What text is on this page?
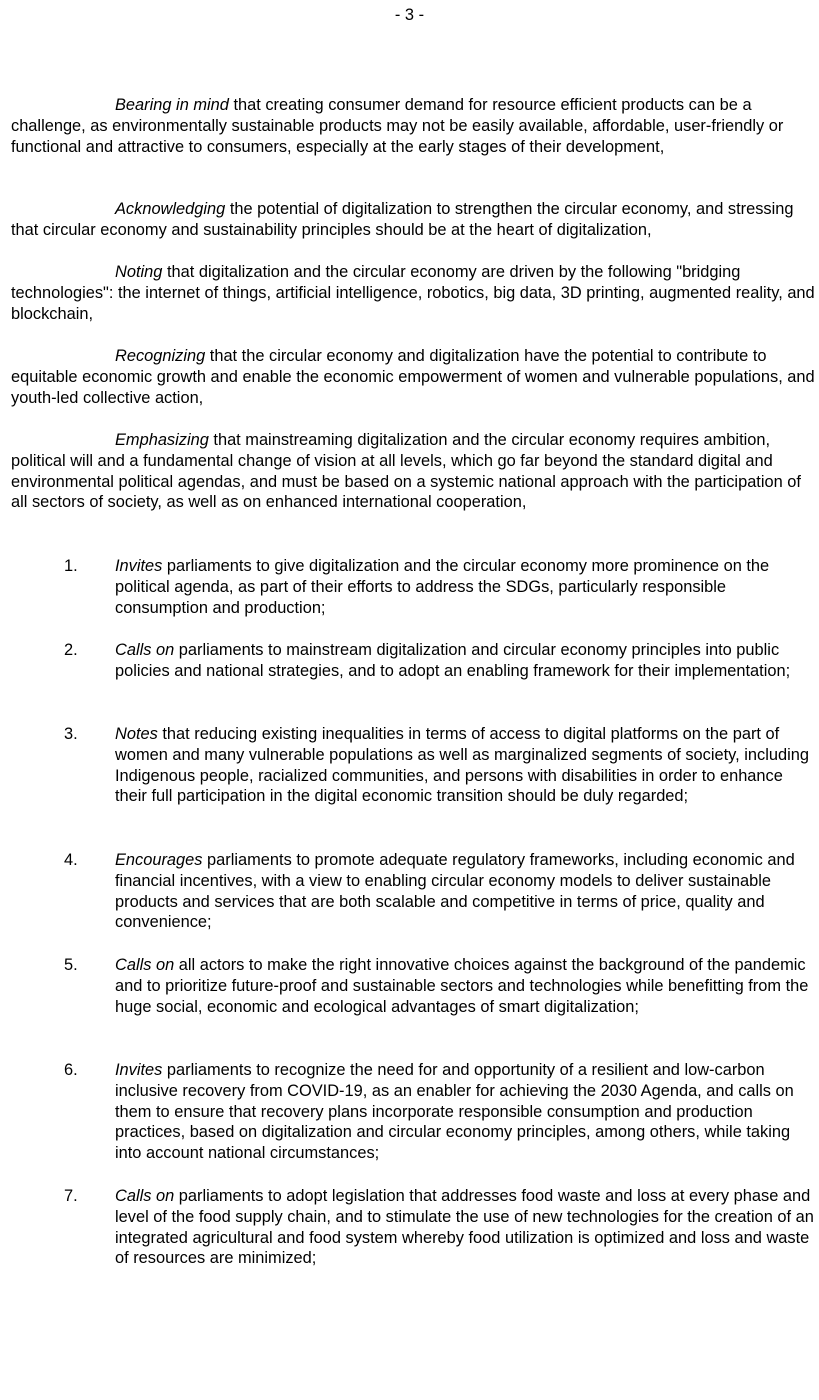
- 3 -

Bearing in mind that creating consumer demand for resource efficient products can be a challenge, as environmentally sustainable products may not be easily available, affordable, user-friendly or functional and attractive to consumers, especially at the early stages of their development,

Acknowledging the potential of digitalization to strengthen the circular economy, and stressing that circular economy and sustainability principles should be at the heart of digitalization,

Noting that digitalization and the circular economy are driven by the following "bridging technologies": the internet of things, artificial intelligence, robotics, big data, 3D printing, augmented reality, and blockchain,

Recognizing that the circular economy and digitalization have the potential to contribute to equitable economic growth and enable the economic empowerment of women and vulnerable populations, and youth-led collective action,

Emphasizing that mainstreaming digitalization and the circular economy requires ambition, political will and a fundamental change of vision at all levels, which go far beyond the standard digital and environmental political agendas, and must be based on a systemic national approach with the participation of all sectors of society, as well as on enhanced international cooperation,

1.	Invites parliaments to give digitalization and the circular economy more prominence on the political agenda, as part of their efforts to address the SDGs, particularly responsible consumption and production;
2.	Calls on parliaments to mainstream digitalization and circular economy principles into public policies and national strategies, and to adopt an enabling framework for their implementation;
3.	Notes that reducing existing inequalities in terms of access to digital platforms on the part of women and many vulnerable populations as well as marginalized segments of society, including Indigenous people, racialized communities, and persons with disabilities in order to enhance their full participation in the digital economic transition should be duly regarded;
4.	Encourages parliaments to promote adequate regulatory frameworks, including economic and financial incentives, with a view to enabling circular economy models to deliver sustainable products and services that are both scalable and competitive in terms of price, quality and convenience;
5.	Calls on all actors to make the right innovative choices against the background of the pandemic and to prioritize future-proof and sustainable sectors and technologies while benefitting from the huge social, economic and ecological advantages of smart digitalization;
6.	Invites parliaments to recognize the need for and opportunity of a resilient and low-carbon inclusive recovery from COVID-19, as an enabler for achieving the 2030 Agenda, and calls on them to ensure that recovery plans incorporate responsible consumption and production practices, based on digitalization and circular economy principles, among others, while taking into account national circumstances;
7.	Calls on parliaments to adopt legislation that addresses food waste and loss at every phase and level of the food supply chain, and to stimulate the use of new technologies for the creation of an integrated agricultural and food system whereby food utilization is optimized and loss and waste of resources are minimized;
